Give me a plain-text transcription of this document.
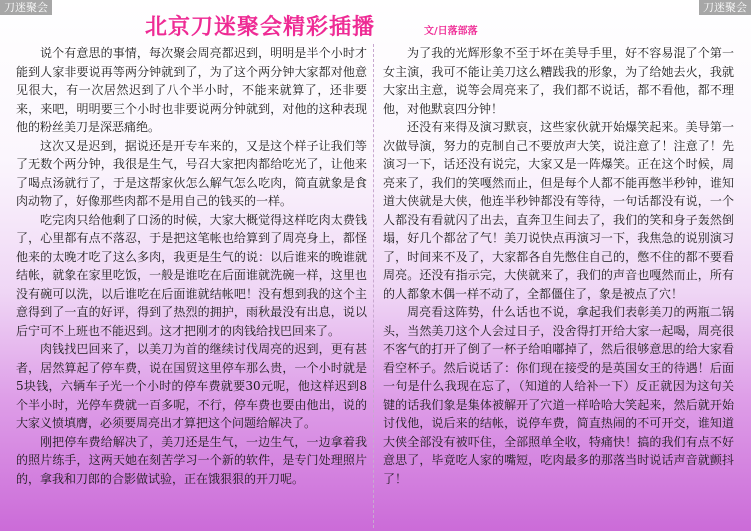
刀迷聚会	刀迷聚会
北京刀迷聚会精彩插播	文/日落部落

说个有意思的事情，每次聚会周亮都迟到，明明是半个小时才能到人家非要说再等两分钟就到了，为了这个两分钟大家都对他意见很大，有一次居然迟到了八个半小时，不能来就算了，还非要来，来吧，明明要三个小时也非要说两分钟就到，对他的这种表现他的粉丝美刀是深恶痛绝。

这次又是迟到，据说还是开专车来的，又是这个样子让我们等了无数个两分钟，我很是生气，号召大家把肉都给吃光了，让他来了喝点汤就行了，于是这帮家伙怎么解气怎么吃肉，简直就象是食肉动物了，好像那些肉都不是用自己的钱买的一样。

吃完肉只给他剩了口汤的时候，大家大概觉得这样吃肉太费钱了，心里都有点不落忍，于是把这笔帐也给算到了周亮身上，都怪他来的太晚才吃了这么多肉，我更是生气的说：以后谁来的晚谁就结帐，就象在家里吃饭，一般是谁吃在后面谁就洗碗一样，这里也没有碗可以洗，以后谁吃在后面谁就结帐吧！没有想到我的这个主意得到了一直的好评，得到了热烈的拥护，雨秋最没有出息，说以后宁可不上班也不能迟到。这才把刚才的肉钱给找巴回来了。

肉钱找巴回来了，以美刀为首的继续讨伐周亮的迟到，更有甚者，居然算起了停车费，说在国贸这里停车那么贵，一个小时就是5块钱，六辆车子光一个小时的停车费就要30元呢，他这样迟到8个半小时，光停车费就一百多呢，不行，停车费也要由他出，说的大家义愤填膺，必须要周亮出才算把这个问题给解决了。

刚把停车费给解决了，美刀还是生气，一边生气，一边拿着我的照片练手，这两天她在刻苦学习一个新的软件，是专门处理照片的，拿我和刀郎的合影做试验，正在饿狠狠的开刀呢。

为了我的光辉形象不至于坏在美导手里，好不容易混了个第一女主演，我可不能让美刀这么糟践我的形象，为了给她去火，我就大家出主意，说等会周亮来了，我们都不说话，都不看他，都不理他，对他默哀四分钟！

还没有来得及演习默哀，这些家伙就开始爆笑起来。美导第一次做导演，努力的克制自己不要放声大笑，说注意了！注意了！先演习一下，话还没有说完，大家又是一阵爆笑。正在这个时候，周亮来了，我们的笑嘎然而止，但是每个人都不能再憋半秒钟，谁知道大侠就是大侠，他连半秒钟都没有等待，一句话都没有说，一个人都没有看就闪了出去，直奔卫生间去了，我们的笑和身子轰然倒塌，好几个都岔了气！美刀说快点再演习一下，我焦急的说别演习了，时间来不及了，大家都各自先憋住自己的，憋不住的都不要看周亮。还没有指示完，大侠就来了，我们的声音也嘎然而止，所有的人都象木偶一样不动了，全都僵住了，象是被点了穴！

周亮看这阵势，什么话也不说，拿起我们表彰美刀的两瓶二锅头，当然美刀这个人会过日子，没舍得打开给大家一起喝，周亮很不客气的打开了倒了一杯子给咱嘟掉了，然后很够意思的给大家看看空杯子。然后说话了：你们现在接受的是英国女王的待遇！后面一句是什么我现在忘了，（知道的人给补一下）反正就因为这句关键的话我们象是集体被解开了穴道一样哈哈大笑起来，然后就开始讨伐他，说后来的结帐，说停车费，简直热闹的不可开交，谁知道大侠全部没有被吓住，全部照单全收，特痛快！搞的我们有点不好意思了，毕竟吃人家的嘴短，吃肉最多的那落当时说话声音就颤抖了！
